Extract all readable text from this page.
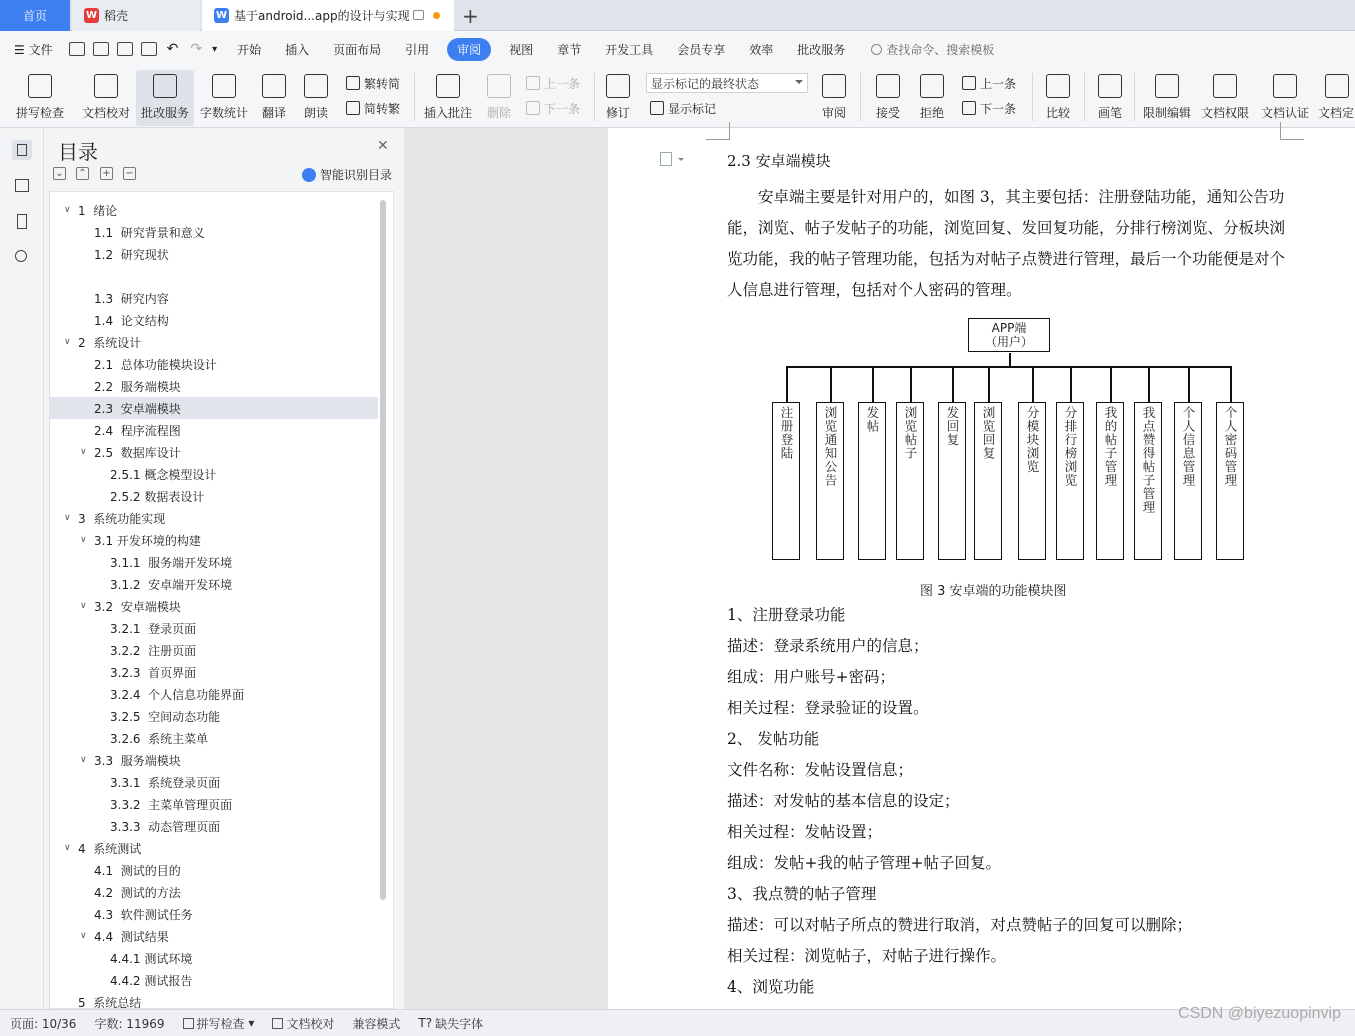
首页	W 稻壳	W 基于android...app的设计与实现	+
☰ 文件	↶ ↷ ▾	开始	插入	页面布局	引用	审阅	视图	章节	开发工具	会员专享	效率	批改服务	查找命令、搜索模板
拼写检查 文档校对 批改服务 字数统计 翻译 朗读
繁转简
简转繁 插入批注 删除
上一条
下一条 修订
显示标记的最终状态
显示标记	审阅 接受 拒绝
上一条
下一条 比较 画笔 限制编辑 文档权限 文档认证 文档定
目录	✕
⌄ ⌃ + −	智能识别目录
∨ 1  绪论
1.1  研究背景和意义
1.2  研究现状
1.3  研究内容
1.4  论文结构
∨ 2  系统设计
2.1  总体功能模块设计
2.2  服务端模块
2.3  安卓端模块
2.4  程序流程图
∨ 2.5  数据库设计
2.5.1 概念模型设计
2.5.2 数据表设计
∨ 3  系统功能实现
∨ 3.1 开发环境的构建
3.1.1  服务端开发环境
3.1.2  安卓端开发环境
∨ 3.2  安卓端模块
3.2.1  登录页面
3.2.2  注册页面
3.2.3  首页界面
3.2.4  个人信息功能界面
3.2.5  空间动态功能
3.2.6  系统主菜单
∨ 3.3  服务端模块
3.3.1  系统登录页面
3.3.2  主菜单管理页面
3.3.3  动态管理页面
∨ 4  系统测试
4.1  测试的目的
4.2  测试的方法
4.3  软件测试任务
∨ 4.4  测试结果
4.4.1 测试环境
4.4.2 测试报告
5  系统总结
2.3 安卓端模块
安卓端主要是针对用户的，如图 3，其主要包括：注册登陆功能，通知公告功能，浏览、帖子发帖子的功能，浏览回复、发回复功能，分排行榜浏览、分板块浏览功能，我的帖子管理功能，包括为对帖子点赞进行管理，最后一个功能便是对个人信息进行管理，包括对个人密码的管理。
APP端
（用户）
注册登陆	浏览通知公告	发帖	浏览帖子	发回复	浏览回复	分模块浏览	分排行榜浏览	我的帖子管理	我点赞得帖子管理	个人信息管理	个人密码管理
图 3 安卓端的功能模块图
1、注册登录功能
描述：登录系统用户的信息；
组成：用户账号+密码；
相关过程：登录验证的设置。
2、 发帖功能
文件名称：发帖设置信息；
描述：对发帖的基本信息的设定；
相关过程：发帖设置；
组成：发帖+我的帖子管理+帖子回复。
3、我点赞的帖子管理
描述：可以对帖子所点的赞进行取消，对点赞帖子的回复可以删除；
相关过程：浏览帖子，对帖子进行操作。
4、浏览功能
页面: 10/36 字数: 11969	拼写检查 ▾	文档校对 兼容模式 T? 缺失字体
CSDN @biyezuopinvip
